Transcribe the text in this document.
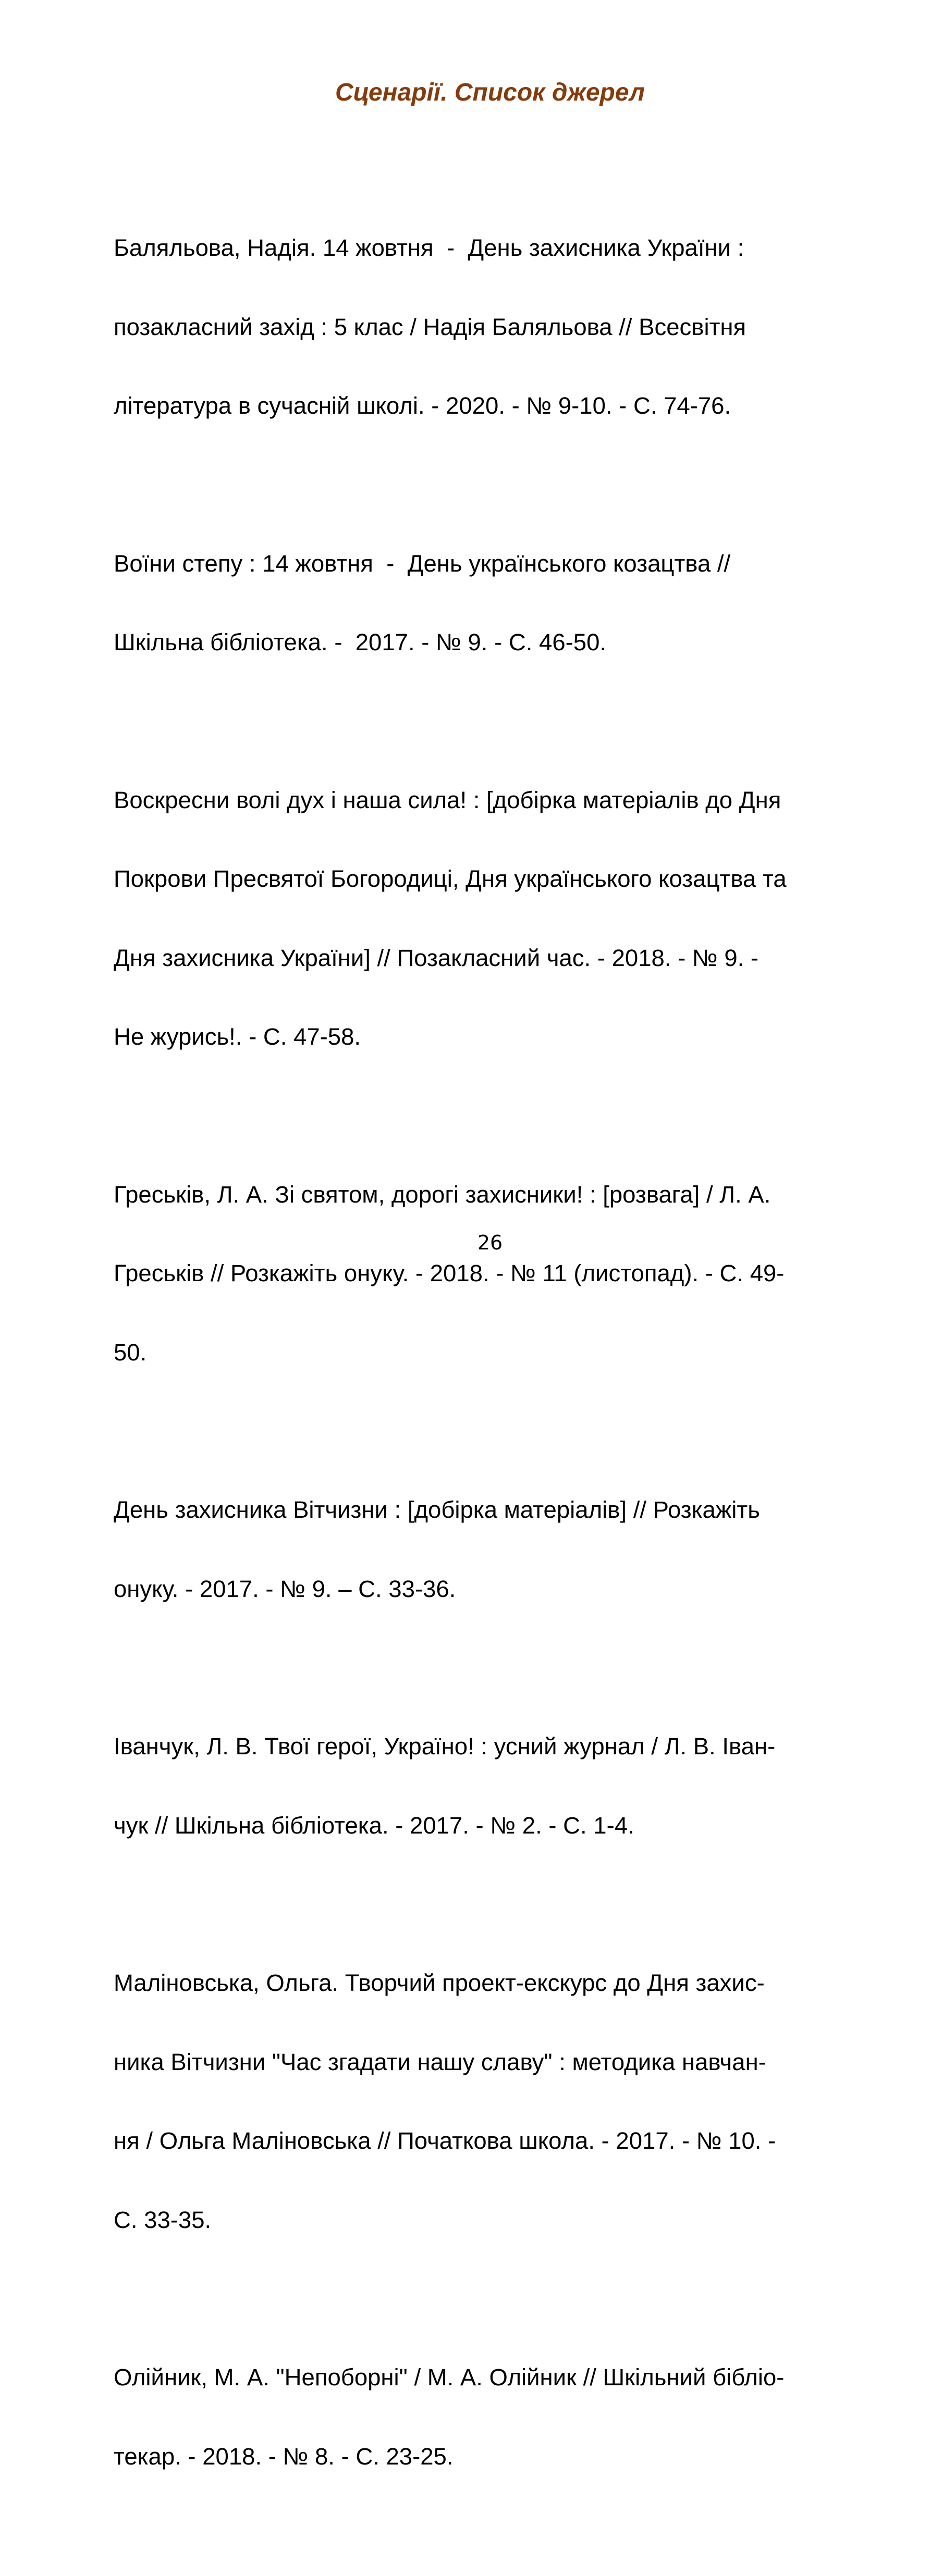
Сценарії. Список джерел

Баляльова, Надія. 14 жовтня  -  День захисника України :

позакласний захід : 5 клас / Надія Баляльова // Всесвітня

література в сучасній школі. - 2020. - № 9-10. - С. 74-76.

Воїни степу : 14 жовтня  -  День українського козацтва //

Шкільна бібліотека. -  2017. - № 9. - С. 46-50.

Воскресни волі дух і наша сила! : [добірка матеріалів до Дня

Покрови Пресвятої Богородиці, Дня українського козацтва та

Дня захисника України] // Позакласний час. - 2018. - № 9. -

Не журись!. - С. 47-58.

Греськів, Л. А. Зі святом, дорогі захисники! : [розвага] / Л. А.

Греськів // Розкажіть онуку. - 2018. - № 11 (листопад). - С. 49-

50.

День захисника Вітчизни : [добірка матеріалів] // Розкажіть

онуку. - 2017. - № 9. – С. 33-36.

Іванчук, Л. В. Твої герої, Україно! : усний журнал / Л. В. Іван-

чук // Шкільна бібліотека. - 2017. - № 2. - С. 1-4.

Маліновська, Ольга. Творчий проект-екскурс до Дня захис-

ника Вітчизни "Час згадати нашу славу" : методика навчан-

ня / Ольга Маліновська // Початкова школа. - 2017. - № 10. -

С. 33-35.

Олійник, М. А. "Непоборні" / М. А. Олійник // Шкільний бібліо-

текар. - 2018. - № 8. - С. 23-25.

26
